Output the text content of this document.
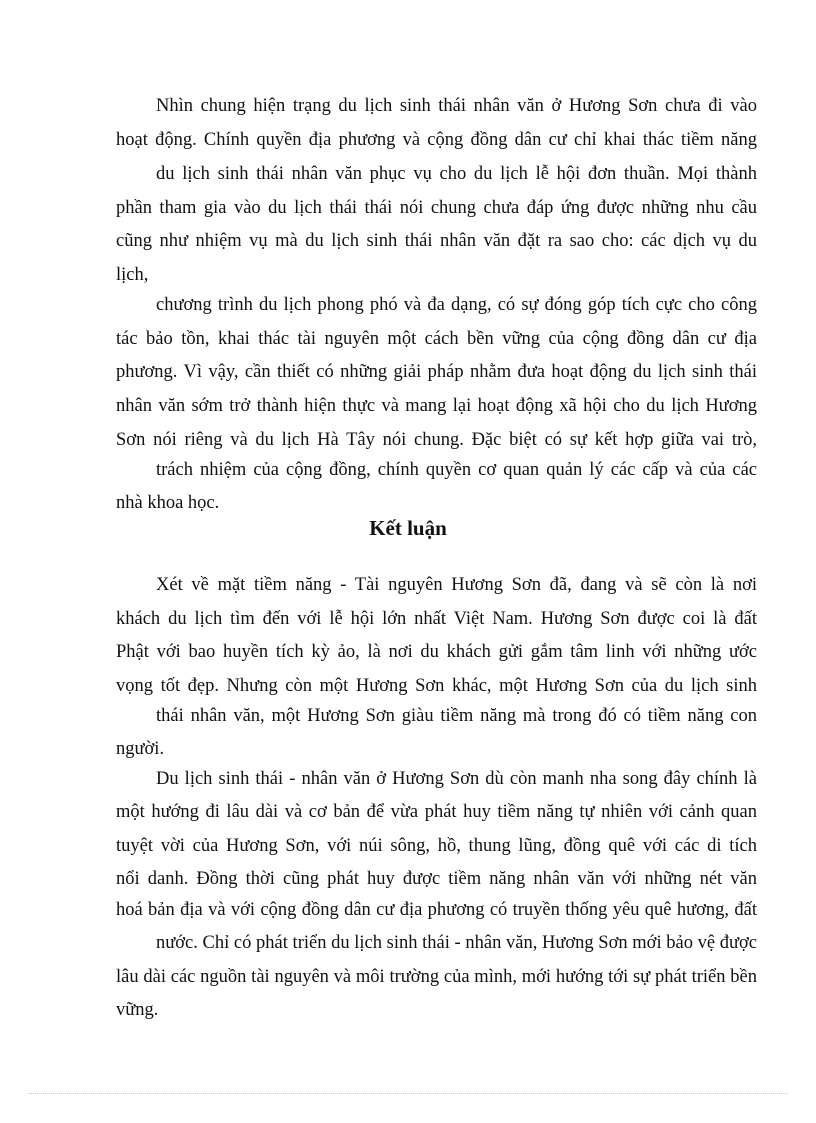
Nhìn chung hiện trạng du lịch sinh thái nhân văn ở Hương Sơn chưa đi vào
hoạt động. Chính quyền địa phương và cộng đồng dân cư chỉ khai thác tiềm năng
du lịch sinh thái nhân văn phục vụ cho du lịch lễ hội đơn thuần. Mọi thành
phần tham gia vào du lịch thái thái nói chung chưa đáp ứng được những nhu cầu
cũng như nhiệm vụ mà du lịch sinh thái nhân văn đặt ra sao cho: các dịch vụ du
lịch,
chương trình du lịch phong phó và đa dạng, có sự đóng góp tích cực cho công
tác bảo tồn, khai thác tài nguyên một cách bền vững của cộng đồng dân cư địa
phương. Vì vậy, cần thiết có những giải pháp nhằm đưa hoạt động du lịch sinh thái
nhân văn sớm trở thành hiện thực và mang lại hoạt động xã hội cho du lịch Hương
Sơn nói riêng và du lịch Hà Tây nói chung. Đặc biệt có sự kết hợp giữa vai trò,
trách nhiệm của cộng đồng, chính quyền cơ quan quản lý các cấp và của các
nhà khoa học.
Kết luận
Xét về mặt tiềm năng - Tài nguyên Hương Sơn đã, đang và sẽ còn là nơi
khách du lịch tìm đến với lễ hội lớn nhất Việt Nam. Hương Sơn được coi là đất
Phật với bao huyền tích kỳ ảo, là nơi du khách gửi gắm tâm linh với những ước
vọng tốt đẹp. Nhưng còn một Hương Sơn khác, một Hương Sơn của du lịch sinh
thái nhân văn, một Hương Sơn giàu tiềm năng mà trong đó có tiềm năng con
người.
Du lịch sinh thái - nhân văn ở Hương Sơn dù còn manh nha song đây chính là
một hướng đi lâu dài và cơ bản để vừa phát huy tiềm năng tự nhiên với cảnh quan
tuyệt vời của Hương Sơn, với núi sông, hồ, thung lũng, đồng quê với các di tích
nổi danh. Đồng thời cũng phát huy được tiềm năng nhân văn với những nét văn
hoá bản địa và với cộng đồng dân cư địa phương có truyền thống yêu quê hương, đất
nước. Chỉ có phát triển du lịch sinh thái - nhân văn, Hương Sơn mới bảo vệ được
lâu dài các nguồn tài nguyên và môi trường của mình, mới hướng tới sự phát triển bền
vững.
